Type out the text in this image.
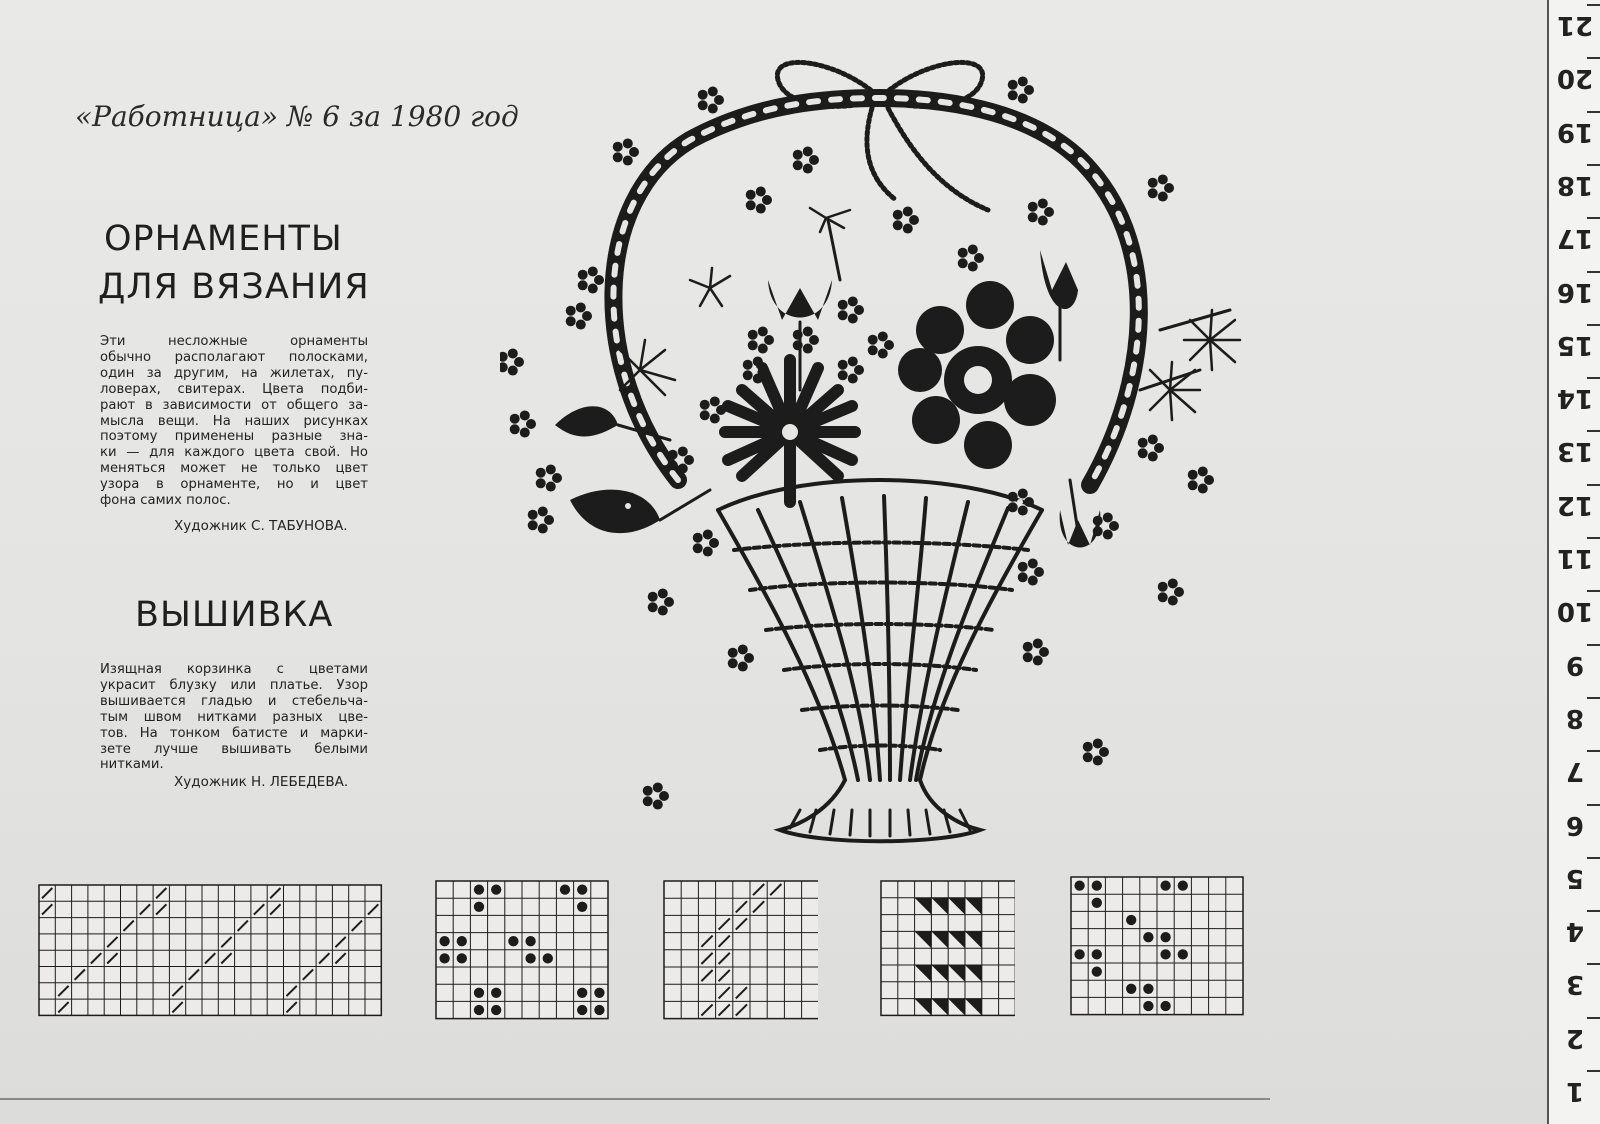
«Работница» № 6 за 1980 год
ОРНАМЕНТЫ
ДЛЯ ВЯЗАНИЯ
Эти несложные орнаменты
обычно располагают полосками,
один за другим, на жилетах, пу-
ловерах, свитерах. Цвета подби-
рают в зависимости от общего за-
мысла вещи. На наших рисунках
поэтому применены разные зна-
ки — для каждого цвета свой. Но
меняться может не только цвет
узора в орнаменте, но и цвет
фона самих полос.
Художник С. ТАБУНОВА.
ВЫШИВКА
Изящная корзинка с цветами
украсит блузку или платье. Узор
вышивается гладью и стебельча-
тым швом нитками разных цве-
тов. На тонком батисте и марки-
зете лучше вышивать белыми
нитками.
Художник Н. ЛЕБЕДЕВА.
21
20
19
18
17
16
15
14
13
12
11
10
9
8
7
6
5
4
3
2
1
